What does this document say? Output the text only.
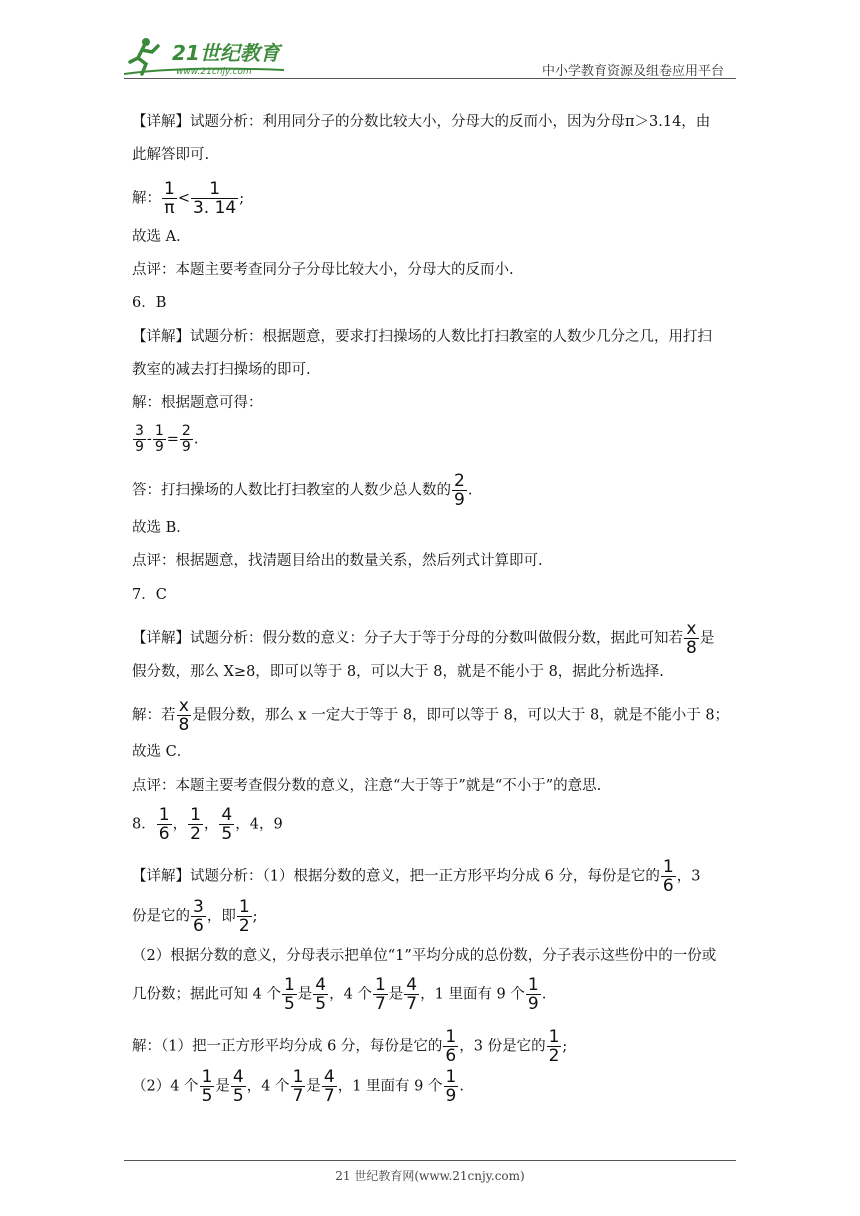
21世纪教育
www.21cnjy.com	中小学教育资源及组卷应用平台
【详解】试题分析：利用同分子的分数比较大小，分母大的反而小，因为分母π＞3.14，由
此解答即可.
解： $\frac{1}{\pi} < \frac{1}{3. 14}$ ;
故选 A．
点评：本题主要考查同分子分母比较大小，分母大的反而小.
6．B
【详解】试题分析：根据题意，要求打扫操场的人数比打扫教室的人数少几分之几，用打扫
教室的减去打扫操场的即可.
解：根据题意可得：
$\frac{3}{9} - \frac{1}{9} = \frac{2}{9}$ .
答：打扫操场的人数比打扫教室的人数少总人数的 $\frac{2}{9}$ .
故选 B．
点评：根据题意，找清题目给出的数量关系，然后列式计算即可.
7．C
【详解】试题分析：假分数的意义：分子大于等于分母的分数叫做假分数，据此可知若 $\frac{x}{8}$ 是
假分数，那么 X≥8，即可以等于 8，可以大于 8，就是不能小于 8，据此分析选择.
解：若 $\frac{x}{8}$ 是假分数，那么 x 一定大于等于 8，即可以等于 8，可以大于 8，就是不能小于 8；
故选 C．
点评：本题主要考查假分数的意义，注意“大于等于”就是“不小于”的意思.
8． $\frac{1}{6}$ ， $\frac{1}{2}$ ， $\frac{4}{5}$ ，4，9
【详解】试题分析：（1）根据分数的意义，把一正方形平均分成 6 分，每份是它的 $\frac{1}{6}$ ，3
份是它的 $\frac{3}{6}$ ，即 $\frac{1}{2}$ ;
（2）根据分数的意义，分母表示把单位“1”平均分成的总份数，分子表示这些份中的一份或
几份数；据此可知 4 个 $\frac{1}{5}$ 是 $\frac{4}{5}$ ，4 个 $\frac{1}{7}$ 是 $\frac{4}{7}$ ，1 里面有 9 个 $\frac{1}{9}$ .
解：（1）把一正方形平均分成 6 分，每份是它的 $\frac{1}{6}$ ，3 份是它的 $\frac{1}{2}$ ;
（2）4 个 $\frac{1}{5}$ 是 $\frac{4}{5}$ ，4 个 $\frac{1}{7}$ 是 $\frac{4}{7}$ ，1 里面有 9 个 $\frac{1}{9}$ .
21 世纪教育网(www.21cnjy.com)
